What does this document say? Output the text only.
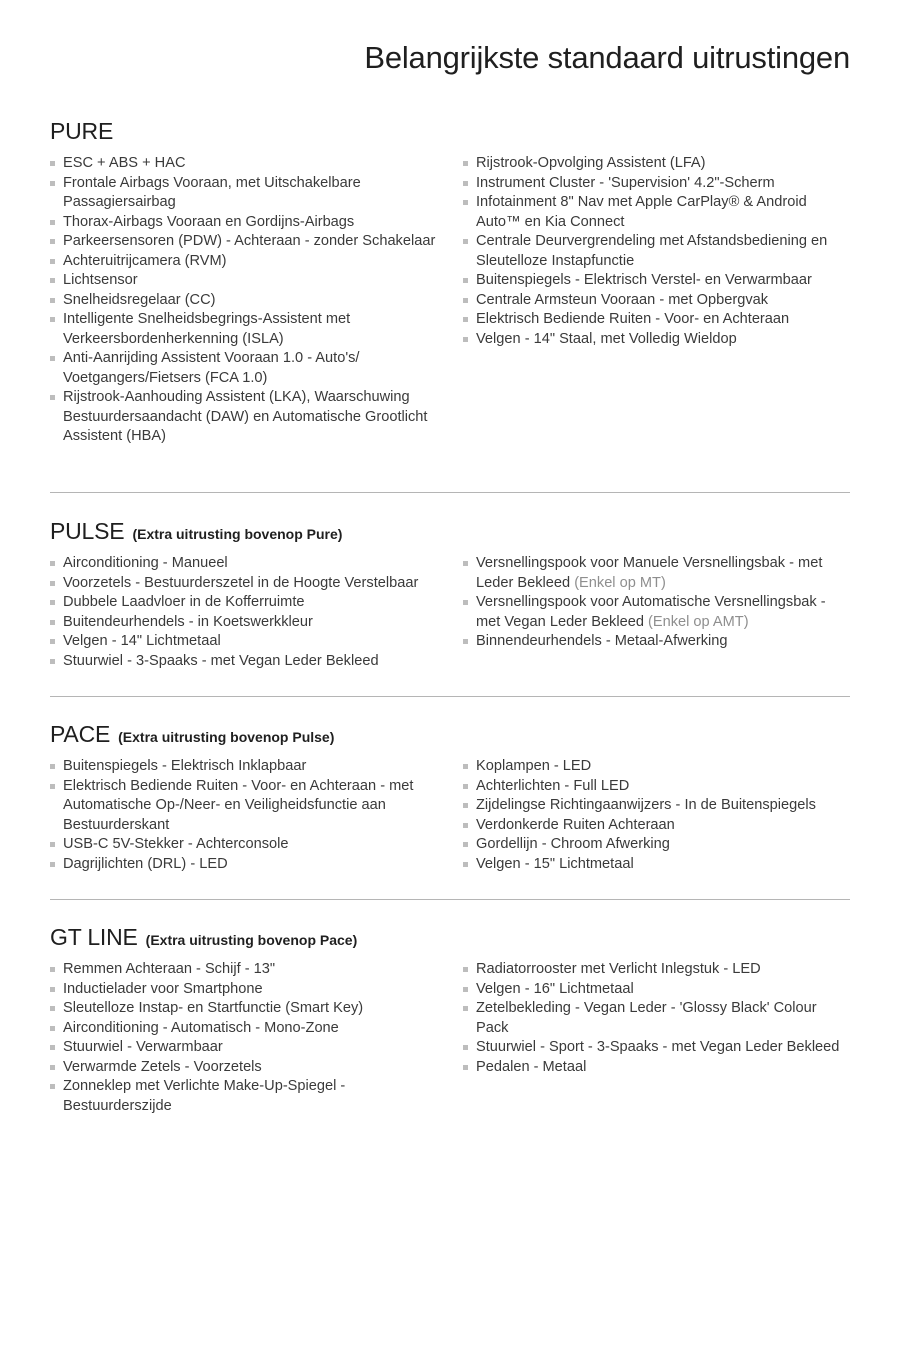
Belangrijkste standaard uitrustingen
PURE
ESC + ABS + HAC
Frontale Airbags Vooraan, met Uitschakelbare Passagiersairbag
Thorax-Airbags Vooraan en Gordijns-Airbags
Parkeersensoren (PDW) - Achteraan - zonder Schakelaar
Achteruitrijcamera (RVM)
Lichtsensor
Snelheidsregelaar (CC)
Intelligente Snelheidsbegrings-Assistent met Verkeersbordenherkenning (ISLA)
Anti-Aanrijding Assistent Vooraan 1.0 - Auto's/ Voetgangers/Fietsers (FCA 1.0)
Rijstrook-Aanhouding Assistent (LKA), Waarschuwing Bestuurdersaandacht (DAW) en Automatische Grootlicht Assistent (HBA)
Rijstrook-Opvolging Assistent (LFA)
Instrument Cluster - 'Supervision' 4.2"-Scherm
Infotainment 8" Nav met Apple CarPlay® & Android Auto™ en Kia Connect
Centrale Deurvergrendeling met Afstandsbediening en Sleutelloze Instapfunctie
Buitenspiegels - Elektrisch Verstel- en Verwarmbaar
Centrale Armsteun Vooraan - met Opbergvak
Elektrisch Bediende Ruiten - Voor- en Achteraan
Velgen - 14" Staal, met Volledig Wieldop
PULSE (Extra uitrusting bovenop Pure)
Airconditioning - Manueel
Voorzetels - Bestuurderszetel in de Hoogte Verstelbaar
Dubbele Laadvloer in de Kofferruimte
Buitendeurhendels - in Koetswerkkleur
Velgen - 14" Lichtmetaal
Stuurwiel - 3-Spaaks - met Vegan Leder Bekleed
Versnellingspook voor Manuele Versnellingsbak - met Leder Bekleed (Enkel op MT)
Versnellingspook voor Automatische Versnellingsbak - met Vegan Leder Bekleed (Enkel op AMT)
Binnendeurhendels - Metaal-Afwerking
PACE (Extra uitrusting bovenop Pulse)
Buitenspiegels - Elektrisch Inklapbaar
Elektrisch Bediende Ruiten - Voor- en Achteraan - met Automatische Op-/Neer- en Veiligheidsfunctie aan Bestuurderskant
USB-C 5V-Stekker - Achterconsole
Dagrijlichten (DRL) - LED
Koplampen - LED
Achterlichten - Full LED
Zijdelingse Richtingaanwijzers - In de Buitenspiegels
Verdonkerde Ruiten Achteraan
Gordellijn - Chroom Afwerking
Velgen - 15" Lichtmetaal
GT LINE (Extra uitrusting bovenop Pace)
Remmen Achteraan - Schijf - 13"
Inductielader voor Smartphone
Sleutelloze Instap- en Startfunctie (Smart Key)
Airconditioning - Automatisch - Mono-Zone
Stuurwiel - Verwarmbaar
Verwarmde Zetels - Voorzetels
Zonneklep met Verlichte Make-Up-Spiegel - Bestuurderszijde
Radiatorrooster met Verlicht Inlegstuk - LED
Velgen - 16" Lichtmetaal
Zetelbekleding - Vegan Leder - 'Glossy Black' Colour Pack
Stuurwiel - Sport - 3-Spaaks - met Vegan Leder Bekleed
Pedalen - Metaal
